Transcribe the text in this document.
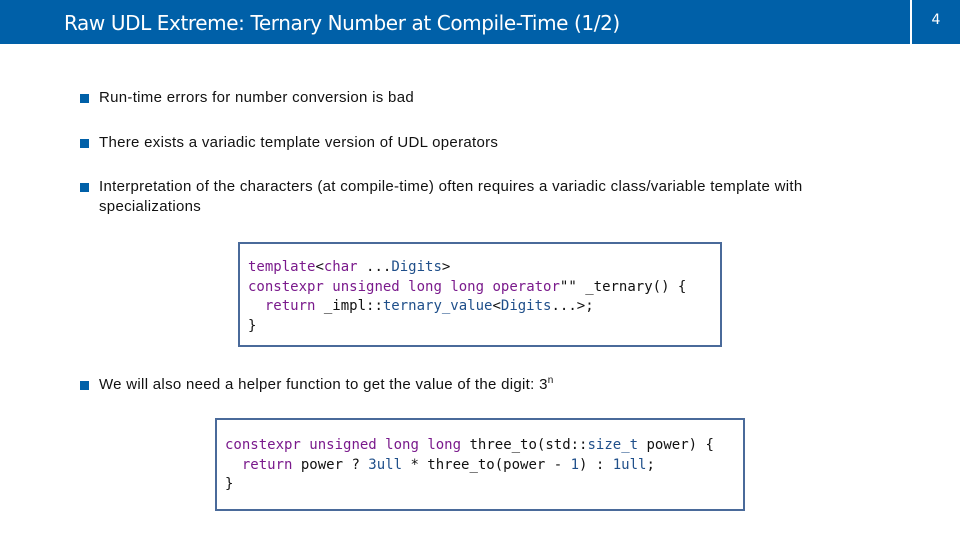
Raw UDL Extreme: Ternary Number at Compile-Time (1/2)	4
Run-time errors for number conversion is bad
There exists a variadic template version of UDL operators
Interpretation of the characters (at compile-time) often requires a variadic class/variable template with specializations
template<char ...Digits>
constexpr unsigned long long operator"" _ternary() {
return _impl::ternary_value<Digits...>;
}
We will also need a helper function to get the value of the digit: 3$^n$
constexpr unsigned long long three_to(std::size_t power) {
return power ? 3ull * three_to(power - 1) : 1ull;
}
